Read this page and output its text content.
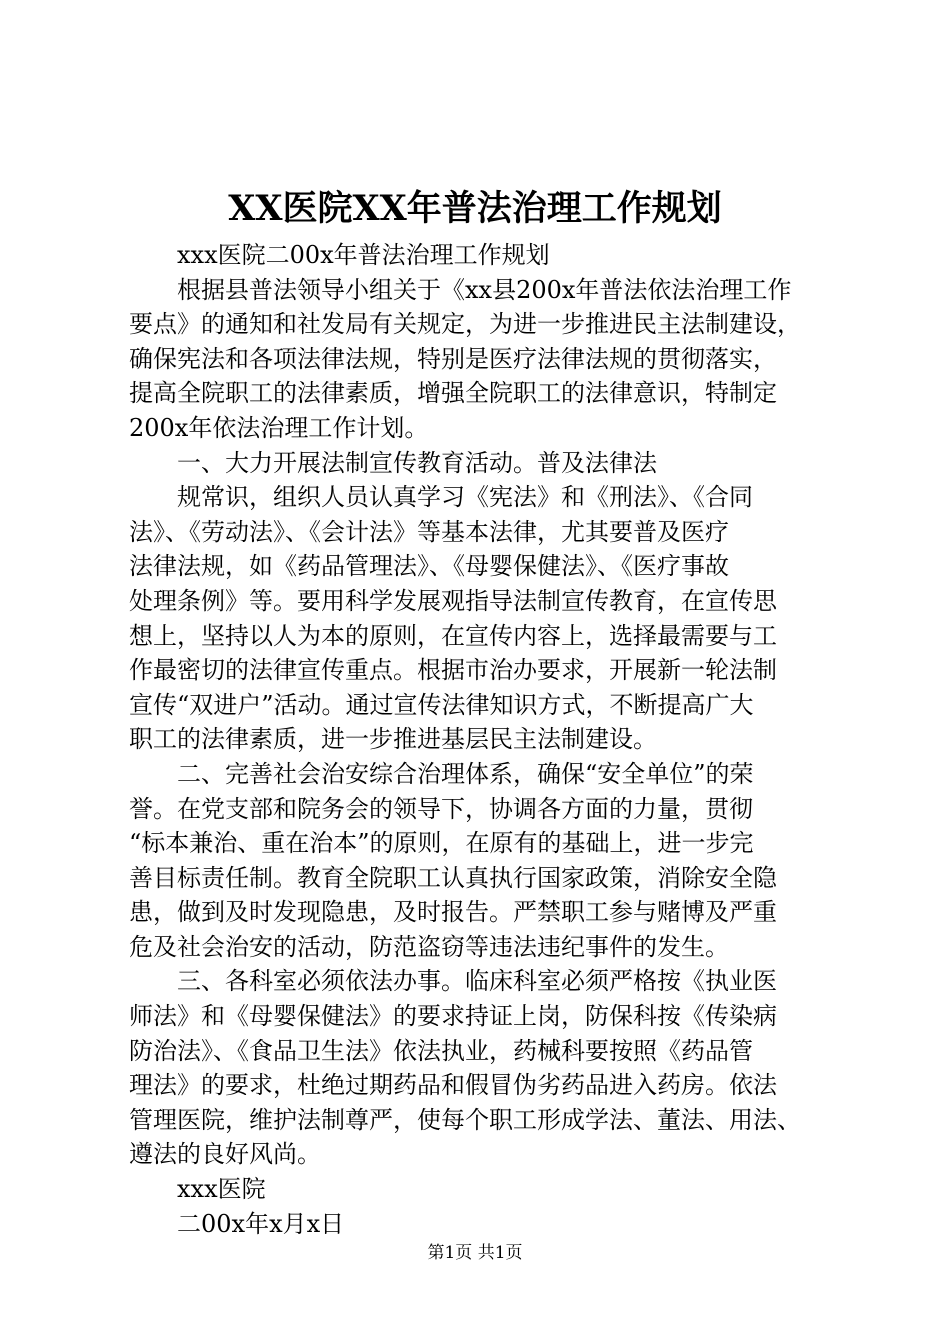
XX医院XX年普法治理工作规划

　　xxx医院二00x年普法治理工作规划

　　根据县普法领导小组关于《xx县200x年普法依法治理工作

要点》的通知和社发局有关规定，为进一步推进民主法制建设，

确保宪法和各项法律法规，特别是医疗法律法规的贯彻落实，

提高全院职工的法律素质，增强全院职工的法律意识，特制定

200x年依法治理工作计划。

　　一、大力开展法制宣传教育活动。普及法律法

　　规常识，组织人员认真学习《宪法》和《刑法》、《合同

法》、《劳动法》、《会计法》等基本法律，尤其要普及医疗

法律法规，如《药品管理法》、《母婴保健法》、《医疗事故

处理条例》等。要用科学发展观指导法制宣传教育，在宣传思

想上，坚持以人为本的原则，在宣传内容上，选择最需要与工

作最密切的法律宣传重点。根据市治办要求，开展新一轮法制

宣传“双进户”活动。通过宣传法律知识方式，不断提高广大

职工的法律素质，进一步推进基层民主法制建设。

　　二、完善社会治安综合治理体系，确保“安全单位”的荣

誉。在党支部和院务会的领导下，协调各方面的力量，贯彻

“标本兼治、重在治本”的原则，在原有的基础上，进一步完

善目标责任制。教育全院职工认真执行国家政策，消除安全隐

患，做到及时发现隐患，及时报告。严禁职工参与赌博及严重

危及社会治安的活动，防范盗窃等违法违纪事件的发生。

　　三、各科室必须依法办事。临床科室必须严格按《执业医

师法》和《母婴保健法》的要求持证上岗，防保科按《传染病

防治法》、《食品卫生法》依法执业，药械科要按照《药品管

理法》的要求，杜绝过期药品和假冒伪劣药品进入药房。依法

管理医院，维护法制尊严，使每个职工形成学法、董法、用法、

遵法的良好风尚。

　　xxx医院

　　二00x年x月x日

第1页 共1页
